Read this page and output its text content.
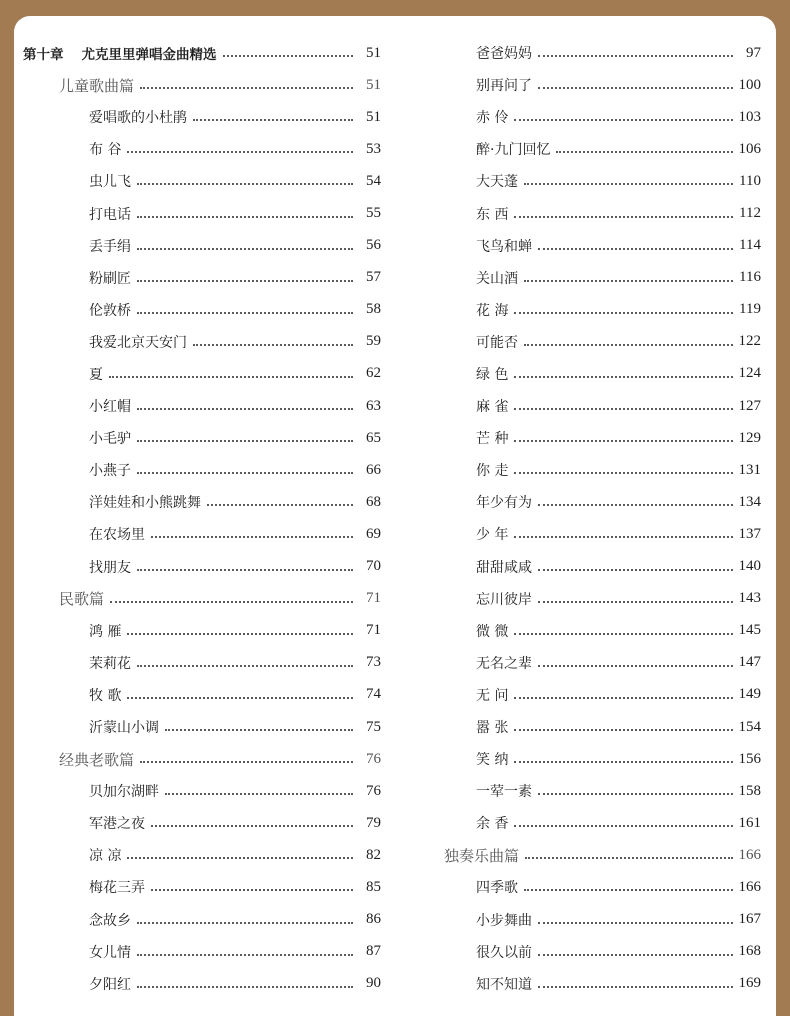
第十章 尤克里里弹唱金曲精选	51
儿童歌曲篇	51
爱唱歌的小杜鹃	51
布 谷	53
虫儿飞	54
打电话	55
丢手绢	56
粉刷匠	57
伦敦桥	58
我爱北京天安门	59
夏	62
小红帽	63
小毛驴	65
小燕子	66
洋娃娃和小熊跳舞	68
在农场里	69
找朋友	70
民歌篇	71
鸿 雁	71
茉莉花	73
牧 歌	74
沂蒙山小调	75
经典老歌篇	76
贝加尔湖畔	76
军港之夜	79
凉 凉	82
梅花三弄	85
念故乡	86
女儿情	87
夕阳红	90
爸爸妈妈	97
别再问了	100
赤 伶	103
醉·九门回忆	106
大天蓬	110
东 西	112
飞鸟和蝉	114
关山酒	116
花 海	119
可能否	122
绿 色	124
麻 雀	127
芒 种	129
你 走	131
年少有为	134
少 年	137
甜甜咸咸	140
忘川彼岸	143
微 微	145
无名之辈	147
无 问	149
嚣 张	154
笑 纳	156
一荤一素	158
余 香	161
独奏乐曲篇	166
四季歌	166
小步舞曲	167
很久以前	168
知不知道	169
